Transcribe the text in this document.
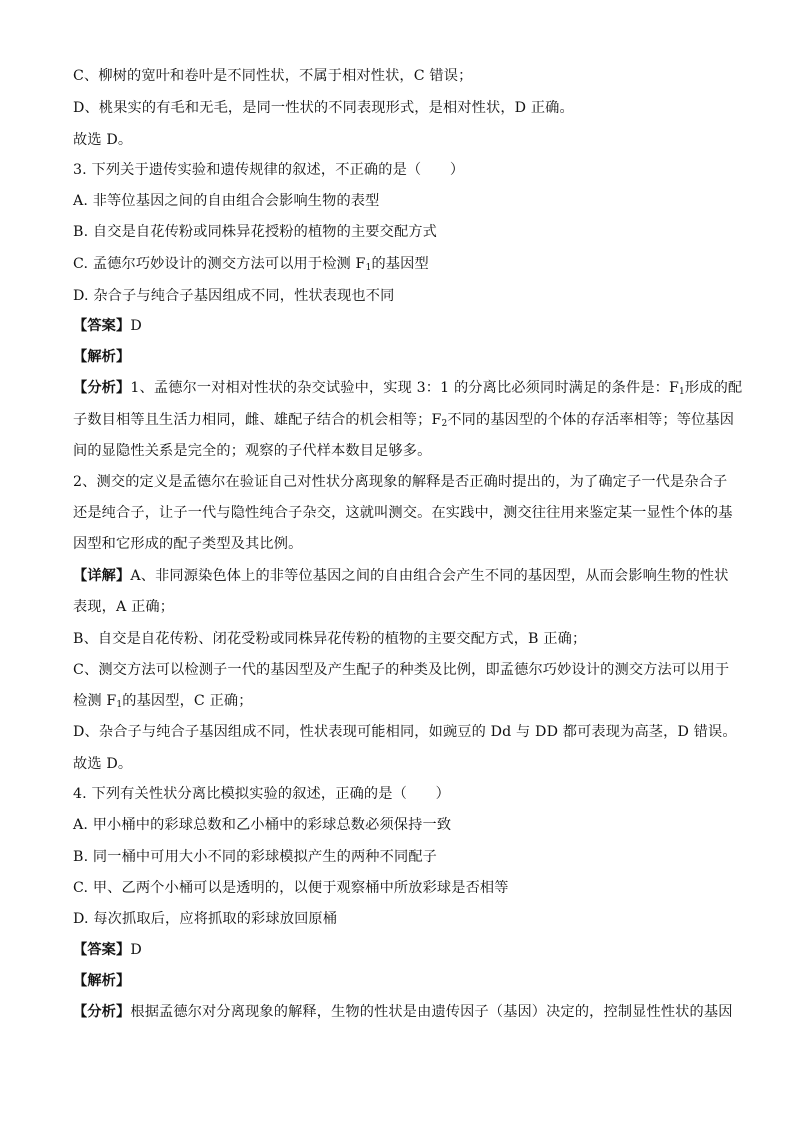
C、柳树的宽叶和卷叶是不同性状，不属于相对性状，C 错误；
D、桃果实的有毛和无毛，是同一性状的不同表现形式，是相对性状，D 正确。
故选 D。
3. 下列关于遗传实验和遗传规律的叙述，不正确的是（　　）
A. 非等位基因之间的自由组合会影响生物的表型
B. 自交是自花传粉或同株异花授粉的植物的主要交配方式
C. 孟德尔巧妙设计的测交方法可以用于检测 $F_1$的基因型
D. 杂合子与纯合子基因组成不同，性状表现也不同
【答案】D
【解析】
【分析】1、孟德尔一对相对性状的杂交试验中，实现 3：1 的分离比必须同时满足的条件是：$F_1$形成的配
子数目相等且生活力相同，雌、雄配子结合的机会相等；$F_2$不同的基因型的个体的存活率相等；等位基因
间的显隐性关系是完全的；观察的子代样本数目足够多。
2、测交的定义是孟德尔在验证自己对性状分离现象的解释是否正确时提出的，为了确定子一代是杂合子
还是纯合子，让子一代与隐性纯合子杂交，这就叫测交。在实践中，测交往往用来鉴定某一显性个体的基
因型和它形成的配子类型及其比例。
【详解】A、非同源染色体上的非等位基因之间的自由组合会产生不同的基因型，从而会影响生物的性状
表现，A 正确；
B、自交是自花传粉、闭花受粉或同株异花传粉的植物的主要交配方式，B 正确；
C、测交方法可以检测子一代的基因型及产生配子的种类及比例，即孟德尔巧妙设计的测交方法可以用于
检测 $F_1$的基因型，C 正确；
D、杂合子与纯合子基因组成不同，性状表现可能相同，如豌豆的 Dd 与 DD 都可表现为高茎，D 错误。
故选 D。
4. 下列有关性状分离比模拟实验的叙述，正确的是（　　）
A. 甲小桶中的彩球总数和乙小桶中的彩球总数必须保持一致
B. 同一桶中可用大小不同的彩球模拟产生的两种不同配子
C. 甲、乙两个小桶可以是透明的，以便于观察桶中所放彩球是否相等
D. 每次抓取后，应将抓取的彩球放回原桶
【答案】D
【解析】
【分析】根据孟德尔对分离现象的解释，生物的性状是由遗传因子（基因）决定的，控制显性性状的基因
